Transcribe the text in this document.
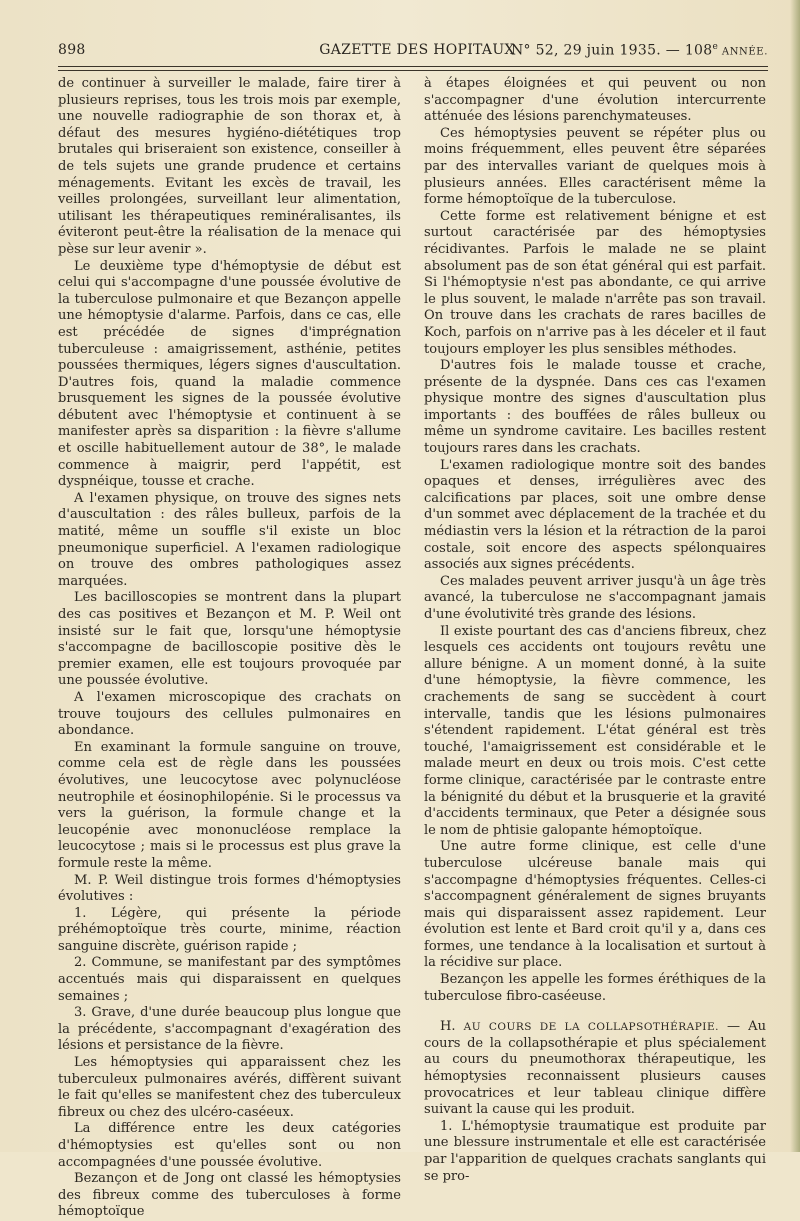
898	GAZETTE DES HOPITAUX
N° 52, 29 juin 1935. — 108e ANNÉE.

de continuer à surveiller le malade, faire tirer à plusieurs reprises, tous les trois mois par exemple, une nouvelle radiographie de son thorax et, à défaut des mesures hygiéno-diététiques trop brutales qui briseraient son existence, conseiller à de tels sujets une grande prudence et certains ménagements. Evitant les excès de travail, les veilles prolongées, surveillant leur alimentation, utilisant les thérapeutiques reminéralisantes, ils éviteront peut-être la réalisation de la menace qui pèse sur leur avenir ».

Le deuxième type d'hémoptysie de début est celui qui s'accompagne d'une poussée évolutive de la tuberculose pulmonaire et que Bezançon appelle une hémoptysie d'alarme. Parfois, dans ce cas, elle est précédée de signes d'imprégnation tuberculeuse : amaigrissement, asthénie, petites poussées thermiques, légers signes d'auscultation. D'autres fois, quand la maladie commence brusquement les signes de la poussée évolutive débutent avec l'hémoptysie et continuent à se manifester après sa disparition : la fièvre s'allume et oscille habituellement autour de 38°, le malade commence à maigrir, perd l'appétit, est dyspnéique, tousse et crache.

A l'examen physique, on trouve des signes nets d'auscultation : des râles bulleux, parfois de la matité, même un souffle s'il existe un bloc pneumonique superficiel. A l'examen radiologique on trouve des ombres pathologiques assez marquées.

Les bacilloscopies se montrent dans la plupart des cas positives et Bezançon et M. P. Weil ont insisté sur le fait que, lorsqu'une hémoptysie s'accompagne de bacilloscopie positive dès le premier examen, elle est toujours provoquée par une poussée évolutive.

A l'examen microscopique des crachats on trouve toujours des cellules pulmonaires en abondance.

En examinant la formule sanguine on trouve, comme cela est de règle dans les poussées évolutives, une leucocytose avec polynucléose neutrophile et éosinophilopénie. Si le processus va vers la guérison, la formule change et la leucopénie avec mononucléose remplace la leucocytose ; mais si le processus est plus grave la formule reste la même.

M. P. Weil distingue trois formes d'hémoptysies évolutives :

1. Légère, qui présente la période préhémoptoïque très courte, minime, réaction sanguine discrète, guérison rapide ;

2. Commune, se manifestant par des symptômes accentués mais qui disparaissent en quelques semaines ;

3. Grave, d'une durée beaucoup plus longue que la précédente, s'accompagnant d'exagération des lésions et persistance de la fièvre.

Les hémoptysies qui apparaissent chez les tuberculeux pulmonaires avérés, diffèrent suivant le fait qu'elles se manifestent chez des tuberculeux fibreux ou chez des ulcéro-caséeux.

La différence entre les deux catégories d'hémoptysies est qu'elles sont ou non accompagnées d'une poussée évolutive.

Bezançon et de Jong ont classé les hémoptysies des fibreux comme des tuberculoses à forme hémoptoïque

à étapes éloignées et qui peuvent ou non s'accompagner d'une évolution intercurrente atténuée des lésions parenchymateuses.

Ces hémoptysies peuvent se répéter plus ou moins fréquemment, elles peuvent être séparées par des intervalles variant de quelques mois à plusieurs années. Elles caractérisent même la forme hémoptoïque de la tuberculose.

Cette forme est relativement bénigne et est surtout caractérisée par des hémoptysies récidivantes. Parfois le malade ne se plaint absolument pas de son état général qui est parfait. Si l'hémoptysie n'est pas abondante, ce qui arrive le plus souvent, le malade n'arrête pas son travail. On trouve dans les crachats de rares bacilles de Koch, parfois on n'arrive pas à les déceler et il faut toujours employer les plus sensibles méthodes.

D'autres fois le malade tousse et crache, présente de la dyspnée. Dans ces cas l'examen physique montre des signes d'auscultation plus importants : des bouffées de râles bulleux ou même un syndrome cavitaire. Les bacilles restent toujours rares dans les crachats.

L'examen radiologique montre soit des bandes opaques et denses, irrégulières avec des calcifications par places, soit une ombre dense d'un sommet avec déplacement de la trachée et du médiastin vers la lésion et la rétraction de la paroi costale, soit encore des aspects spélonquaires associés aux signes précédents.

Ces malades peuvent arriver jusqu'à un âge très avancé, la tuberculose ne s'accompagnant jamais d'une évolutivité très grande des lésions.

Il existe pourtant des cas d'anciens fibreux, chez lesquels ces accidents ont toujours revêtu une allure bénigne. A un moment donné, à la suite d'une hémoptysie, la fièvre commence, les crachements de sang se succèdent à court intervalle, tandis que les lésions pulmonaires s'étendent rapidement. L'état général est très touché, l'amaigrissement est considérable et le malade meurt en deux ou trois mois. C'est cette forme clinique, caractérisée par le contraste entre la bénignité du début et la brusquerie et la gravité d'accidents terminaux, que Peter a désignée sous le nom de phtisie galopante hémoptoïque.

Une autre forme clinique, est celle d'une tuberculose ulcéreuse banale mais qui s'accompagne d'hémoptysies fréquentes. Celles-ci s'accompagnent généralement de signes bruyants mais qui disparaissent assez rapidement. Leur évolution est lente et Bard croit qu'il y a, dans ces formes, une tendance à la localisation et surtout à la récidive sur place.

Bezançon les appelle les formes éréthiques de la tuberculose fibro-caséeuse.

H. AU COURS DE LA COLLAPSOTHÉRAPIE. — Au cours de la collapsothérapie et plus spécialement au cours du pneumothorax thérapeutique, les hémoptysies reconnaissent plusieurs causes provocatrices et leur tableau clinique diffère suivant la cause qui les produit.

1. L'hémoptysie traumatique est produite par une blessure instrumentale et elle est caractérisée par l'apparition de quelques crachats sanglants qui se pro-
